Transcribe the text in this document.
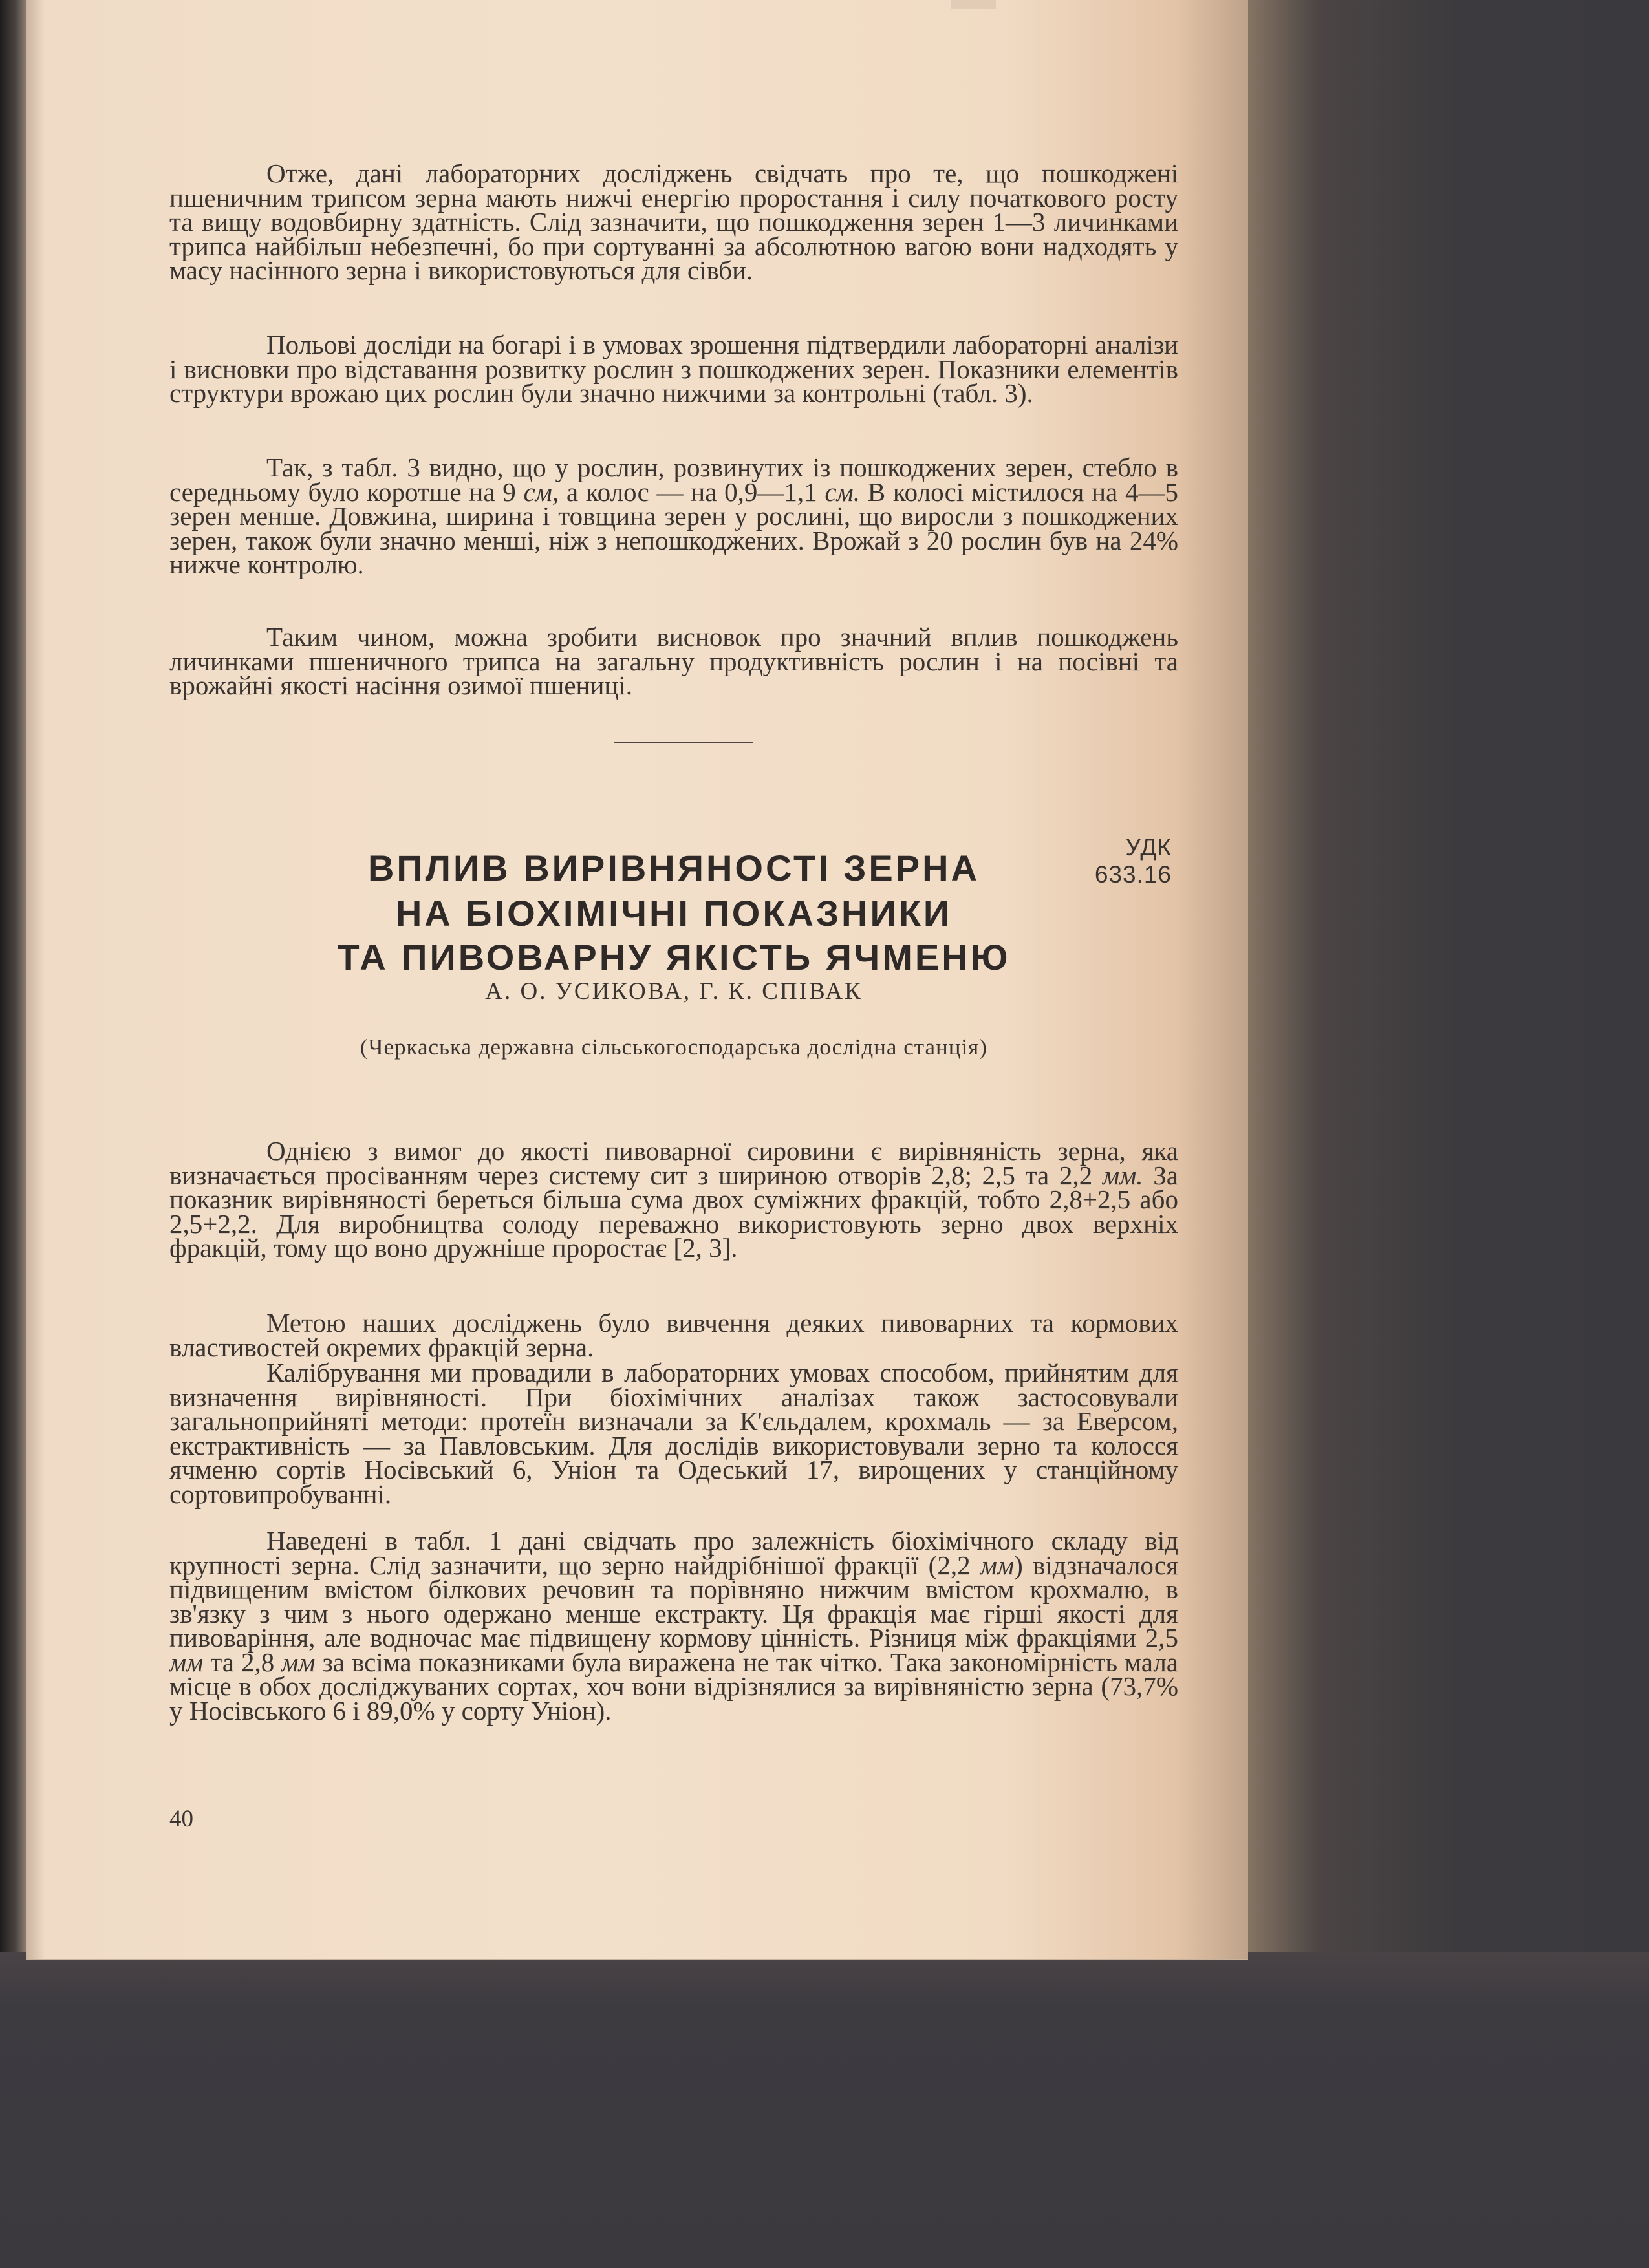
Отже, дані лабораторних досліджень свідчать про те, що пошкоджені пшеничним трипсом зерна мають нижчі енергію проростання і силу початкового росту та вищу водовбирну здатність. Слід зазначити, що пошкодження зерен 1—3 личинками трипса найбільш небезпечні, бо при сортуванні за абсолютною вагою вони надходять у масу насінного зерна і використовуються для сівби.

Польові досліди на богарі і в умовах зрошення підтвердили лабораторні аналізи і висновки про відставання розвитку рослин з пошкоджених зерен. Показники елементів структури врожаю цих рослин були значно нижчими за контрольні (табл. 3).

Так, з табл. 3 видно, що у рослин, розвинутих із пошкоджених зерен, стебло в середньому було коротше на 9 см, а колос — на 0,9—1,1 см. В колосі містилося на 4—5 зерен менше. Довжина, ширина і товщина зерен у рослині, що виросли з пошкоджених зерен, також були значно менші, ніж з непошкоджених. Врожай з 20 рослин був на 24% нижче контролю.

Таким чином, можна зробити висновок про значний вплив пошкоджень личинками пшеничного трипса на загальну продуктивність рослин і на посівні та врожайні якості насіння озимої пшениці.

УДК 633.16
ВПЛИВ ВИРІВНЯНОСТІ ЗЕРНА
НА БІОХІМІЧНІ ПОКАЗНИКИ
ТА ПИВОВАРНУ ЯКІСТЬ ЯЧМЕНЮ
А. О. УСИКОВА, Г. К. СПІВАК
(Черкаська державна сільськогосподарська дослідна станція)

Однією з вимог до якості пивоварної сировини є вирівняність зерна, яка визначається просіванням через систему сит з шириною отворів 2,8; 2,5 та 2,2 мм. За показник вирівняності береться більша сума двох суміжних фракцій, тобто 2,8+2,5 або 2,5+2,2. Для виробництва солоду переважно використовують зерно двох верхніх фракцій, тому що воно дружніше проростає [2, 3].

Метою наших досліджень було вивчення деяких пивоварних та кормових властивостей окремих фракцій зерна.

Калібрування ми провадили в лабораторних умовах способом, прийнятим для визначення вирівняності. При біохімічних аналізах також застосовували загальноприйняті методи: протеїн визначали за К'єльдалем, крохмаль — за Еверсом, екстрактивність — за Павловським. Для дослідів використовували зерно та колосся ячменю сортів Носівський 6, Уніон та Одеський 17, вирощених у станційному сортовипробуванні.

Наведені в табл. 1 дані свідчать про залежність біохімічного складу від крупності зерна. Слід зазначити, що зерно найдрібнішої фракції (2,2 мм) відзначалося підвищеним вмістом білкових речовин та порівняно нижчим вмістом крохмалю, в зв'язку з чим з нього одержано менше екстракту. Ця фракція має гірші якості для пивоваріння, але водночас має підвищену кормову цінність. Різниця між фракціями 2,5 мм та 2,8 мм за всіма показниками була виражена не так чітко. Така закономірність мала місце в обох досліджуваних сортах, хоч вони відрізнялися за вирівняністю зерна (73,7% у Носівського 6 і 89,0% у сорту Уніон).

40
